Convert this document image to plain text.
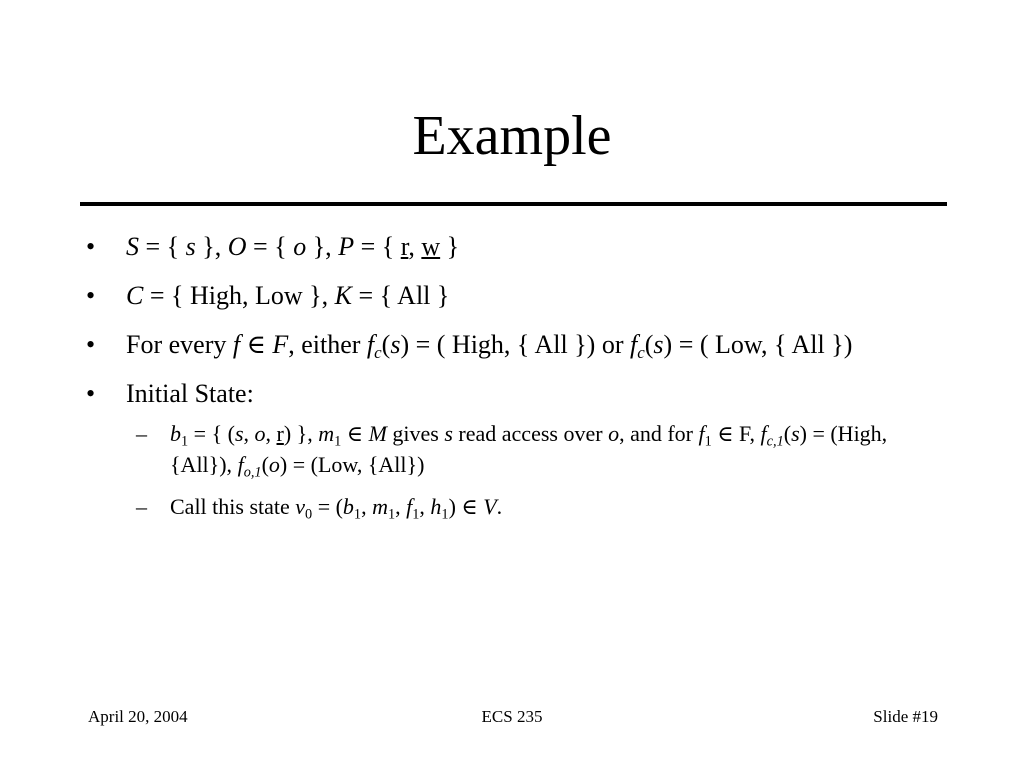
Example
• S = { s }, O = { o }, P = { r, w }
• C = { High, Low }, K = { All }
• For every f ∈ F, either $f_c(s)$ = ( High, { All }) or $f_c(s)$ = ( Low, { All })
• Initial State:
– $b_1$ = { (s, o, r) }, $m_1$ ∈ M gives s read access over o, and for $f_1$ ∈ F, $f_{c,1}(s)$ = (High, {All}), $f_{o,1}(o) = (Low$, {All})
– Call this state $v_0 = (b_1$, $m_1$, $f_1$, $h_1$) ∈ V.
April 20, 2004	ECS 235	Slide #19
